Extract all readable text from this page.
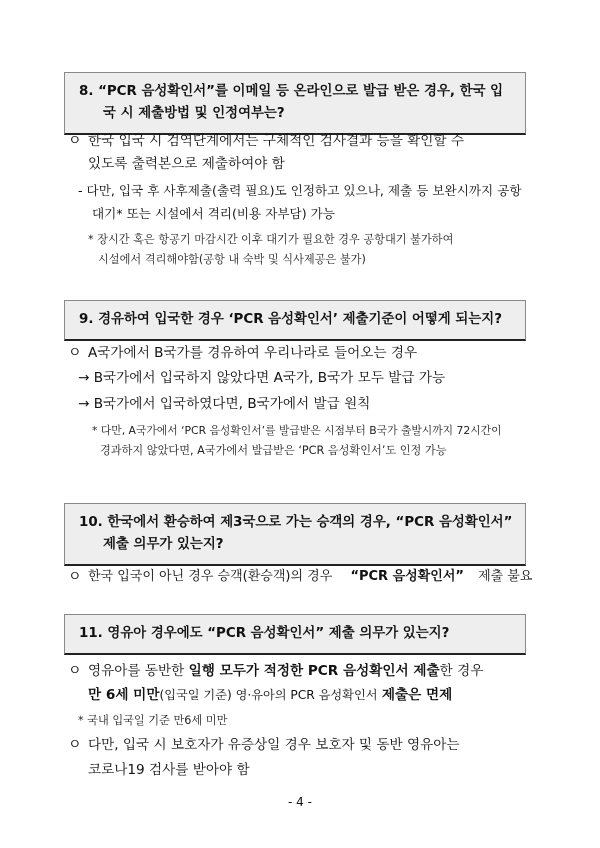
8. “PCR 음성확인서”를 이메일 등 온라인으로 발급 받은 경우, 한국 입국 시 제출방법 및 인정여부는?
ㅇ 한국 입국 시 검역단계에서는 구체적인 검사결과 등을 확인할 수
있도록 출력본으로 제출하여야 함
- 다만, 입국 후 사후제출(출력 필요)도 인정하고 있으나, 제출 등 보완시까지 공항
대기* 또는 시설에서 격리(비용 자부담) 가능
* 장시간 혹은 항공기 마감시간 이후 대기가 필요한 경우 공항대기 불가하여
시설에서 격리해야함(공항 내 숙박 및 식사제공은 불가)
9. 경유하여 입국한 경우 ‘PCR 음성확인서’ 제출기준이 어떻게 되는지?
ㅇ A국가에서 B국가를 경유하여 우리나라로 들어오는 경우
→ B국가에서 입국하지 않았다면 A국가, B국가 모두 발급 가능
→ B국가에서 입국하였다면, B국가에서 발급 원칙
* 다만, A국가에서 ‘PCR 음성확인서’를 발급받은 시점부터 B국가 출발시까지 72시간이
경과하지 않았다면, A국가에서 발급받은 ‘PCR 음성확인서’도 인정 가능
10. 한국에서 환승하여 제3국으로 가는 승객의 경우, “PCR 음성확인서” 제출 의무가 있는지?
ㅇ 한국 입국이 아닌 경우 승객(환승객)의 경우 “PCR 음성확인서” 제출 불요
11. 영유아 경우에도 “PCR 음성확인서” 제출 의무가 있는지?
ㅇ 영유아를 동반한 일행 모두가 적정한 PCR 음성확인서 제출한 경우
만 6세 미만(입국일 기준) 영·유아의 PCR 음성확인서 제출은 면제
* 국내 입국일 기준 만6세 미만
ㅇ 다만, 입국 시 보호자가 유증상일 경우 보호자 및 동반 영유아는
코로나19 검사를 받아야 함
- 4 -
